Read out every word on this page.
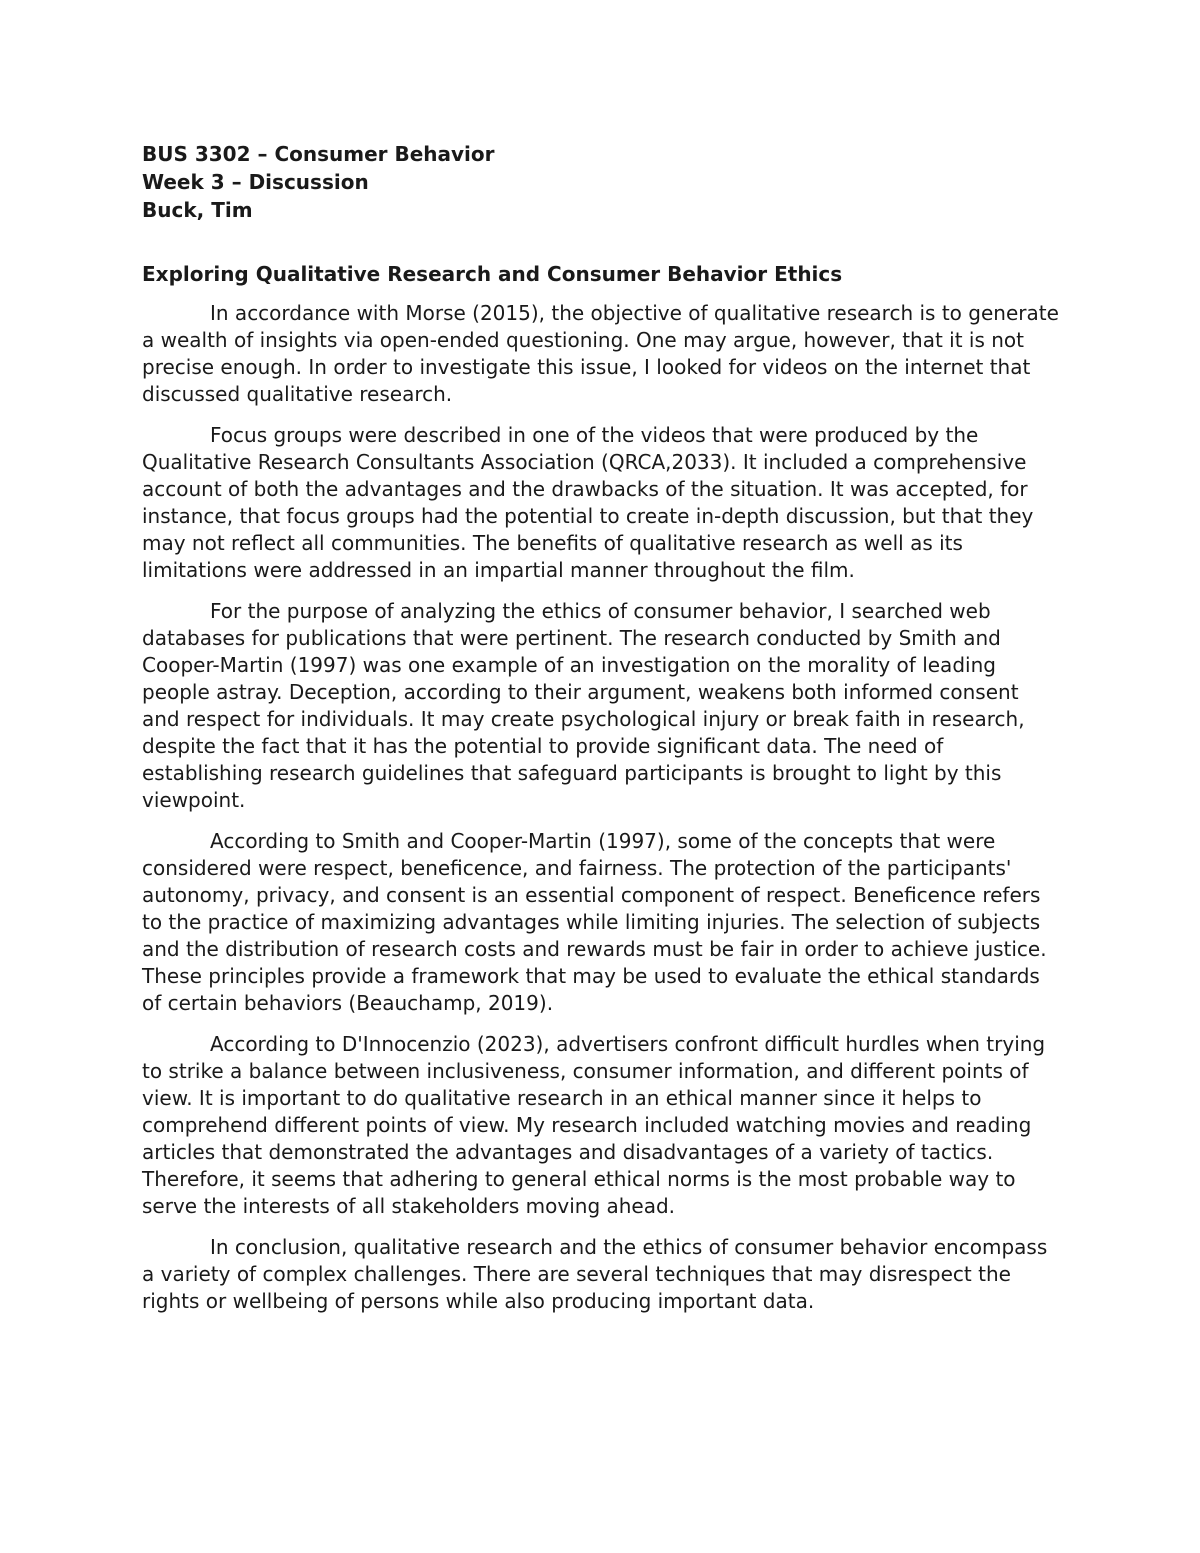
BUS 3302 – Consumer Behavior

Week 3 – Discussion

Buck, Tim

Exploring Qualitative Research and Consumer Behavior Ethics

In accordance with Morse (2015), the objective of qualitative research is to generate a wealth of insights via open-ended questioning. One may argue, however, that it is not precise enough. In order to investigate this issue, I looked for videos on the internet that discussed qualitative research.

Focus groups were described in one of the videos that were produced by the Qualitative Research Consultants Association (QRCA,2033). It included a comprehensive account of both the advantages and the drawbacks of the situation. It was accepted, for instance, that focus groups had the potential to create in-depth discussion, but that they may not reflect all communities. The benefits of qualitative research as well as its limitations were addressed in an impartial manner throughout the film.

For the purpose of analyzing the ethics of consumer behavior, I searched web databases for publications that were pertinent. The research conducted by Smith and Cooper-Martin (1997) was one example of an investigation on the morality of leading people astray. Deception, according to their argument, weakens both informed consent and respect for individuals. It may create psychological injury or break faith in research, despite the fact that it has the potential to provide significant data. The need of establishing research guidelines that safeguard participants is brought to light by this viewpoint.

According to Smith and Cooper-Martin (1997), some of the concepts that were considered were respect, beneficence, and fairness. The protection of the participants' autonomy, privacy, and consent is an essential component of respect. Beneficence refers to the practice of maximizing advantages while limiting injuries. The selection of subjects and the distribution of research costs and rewards must be fair in order to achieve justice. These principles provide a framework that may be used to evaluate the ethical standards of certain behaviors (Beauchamp, 2019).

According to D'Innocenzio (2023), advertisers confront difficult hurdles when trying to strike a balance between inclusiveness, consumer information, and different points of view. It is important to do qualitative research in an ethical manner since it helps to comprehend different points of view. My research included watching movies and reading articles that demonstrated the advantages and disadvantages of a variety of tactics. Therefore, it seems that adhering to general ethical norms is the most probable way to serve the interests of all stakeholders moving ahead.

In conclusion, qualitative research and the ethics of consumer behavior encompass a variety of complex challenges. There are several techniques that may disrespect the rights or wellbeing of persons while also producing important data.
